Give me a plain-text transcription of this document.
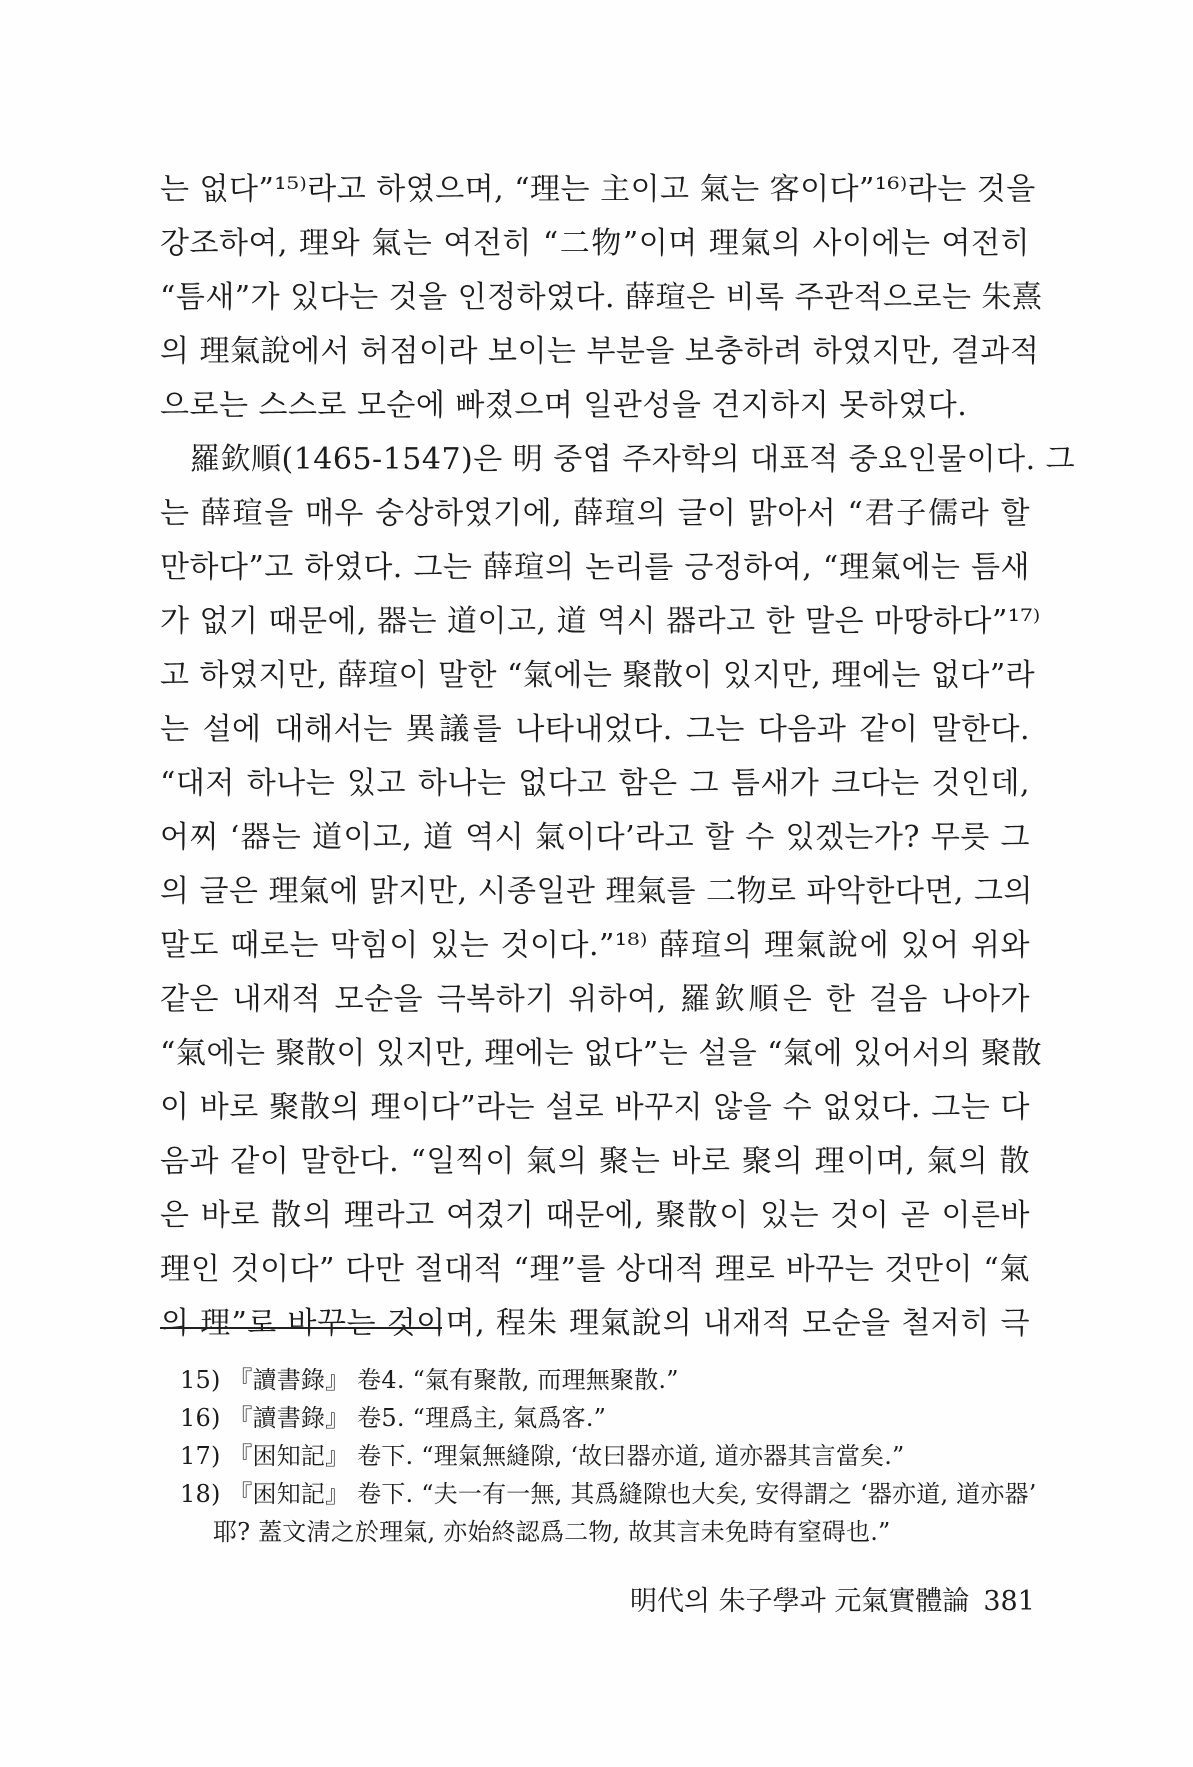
는 없다”¹⁵⁾라고 하였으며, “理는 主이고 氣는 客이다”¹⁶⁾라는 것을
강조하여, 理와 氣는 여전히 “二物”이며 理氣의 사이에는 여전히
“틈새”가 있다는 것을 인정하였다. 薛瑄은 비록 주관적으로는 朱熹
의 理氣說에서 허점이라 보이는 부분을 보충하려 하였지만, 결과적
으로는 스스로 모순에 빠졌으며 일관성을 견지하지 못하였다.
羅欽順(1465-1547)은 明 중엽 주자학의 대표적 중요인물이다. 그
는 薛瑄을 매우 숭상하였기에, 薛瑄의 글이 맑아서 “君子儒라 할
만하다”고 하였다. 그는 薛瑄의 논리를 긍정하여, “理氣에는 틈새
가 없기 때문에, 器는 道이고, 道 역시 器라고 한 말은 마땅하다”¹⁷⁾
고 하였지만, 薛瑄이 말한 “氣에는 聚散이 있지만, 理에는 없다”라
는 설에 대해서는 異議를 나타내었다. 그는 다음과 같이 말한다.
“대저 하나는 있고 하나는 없다고 함은 그 틈새가 크다는 것인데,
어찌 ‘器는 道이고, 道 역시 氣이다’라고 할 수 있겠는가? 무릇 그
의 글은 理氣에 맑지만, 시종일관 理氣를 二物로 파악한다면, 그의
말도 때로는 막힘이 있는 것이다.”¹⁸⁾ 薛瑄의 理氣說에 있어 위와
같은 내재적 모순을 극복하기 위하여, 羅欽順은 한 걸음 나아가
“氣에는 聚散이 있지만, 理에는 없다”는 설을 “氣에 있어서의 聚散
이 바로 聚散의 理이다”라는 설로 바꾸지 않을 수 없었다. 그는 다
음과 같이 말한다. “일찍이 氣의 聚는 바로 聚의 理이며, 氣의 散
은 바로 散의 理라고 여겼기 때문에, 聚散이 있는 것이 곧 이른바
理인 것이다” 다만 절대적 “理”를 상대적 理로 바꾸는 것만이 “氣
의 理”로 바꾸는 것이며, 程朱 理氣說의 내재적 모순을 철저히 극
15) 『讀書錄』 卷4. “氣有聚散, 而理無聚散.”
16) 『讀書錄』 卷5. “理爲主, 氣爲客.”
17) 『困知記』 卷下. “理氣無縫隙, ‘故曰器亦道, 道亦器其言當矣.”
18) 『困知記』 卷下. “夫一有一無, 其爲縫隙也大矣, 安得謂之 ‘器亦道, 道亦器’
耶? 蓋文淸之於理氣, 亦始終認爲二物, 故其言未免時有窒碍也.”
明代의 朱子學과 元氣實體論 381
